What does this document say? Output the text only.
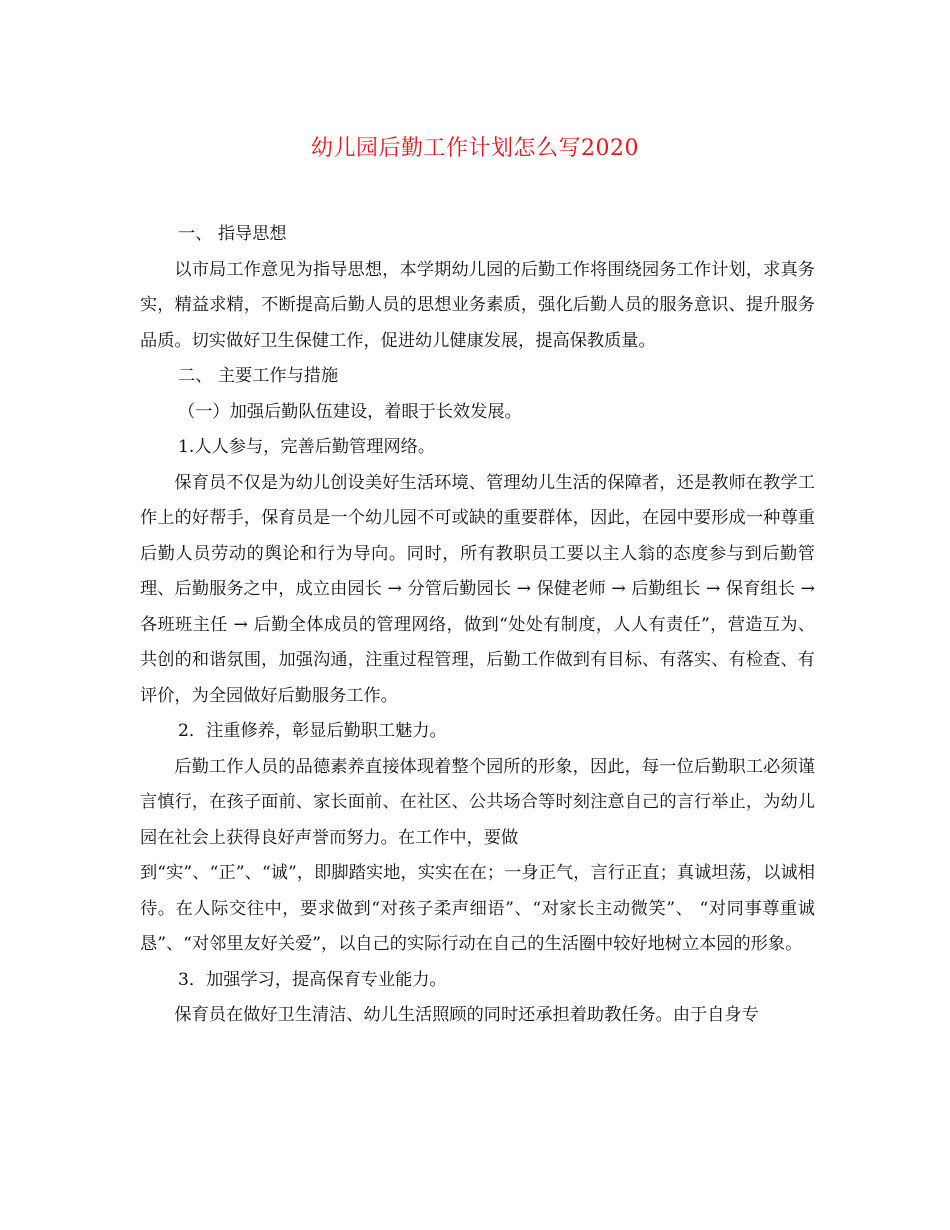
幼儿园后勤工作计划怎么写2020

一、 指导思想

以市局工作意见为指导思想，本学期幼儿园的后勤工作将围绕园务工作计划，求真务实，精益求精，不断提高后勤人员的思想业务素质，强化后勤人员的服务意识、提升服务品质。切实做好卫生保健工作，促进幼儿健康发展，提高保教质量。

二、 主要工作与措施

（一）加强后勤队伍建设，着眼于长效发展。

1.人人参与，完善后勤管理网络。

保育员不仅是为幼儿创设美好生活环境、管理幼儿生活的保障者，还是教师在教学工作上的好帮手，保育员是一个幼儿园不可或缺的重要群体，因此，在园中要形成一种尊重后勤人员劳动的舆论和行为导向。同时，所有教职员工要以主人翁的态度参与到后勤管理、后勤服务之中，成立由园长 → 分管后勤园长 → 保健老师 → 后勤组长 → 保育组长 → 各班班主任 → 后勤全体成员的管理网络，做到“处处有制度，人人有责任”，营造互为、共创的和谐氛围，加强沟通，注重过程管理，后勤工作做到有目标、有落实、有检查、有评价，为全园做好后勤服务工作。

2．注重修养，彰显后勤职工魅力。

后勤工作人员的品德素养直接体现着整个园所的形象，因此，每一位后勤职工必须谨言慎行，在孩子面前、家长面前、在社区、公共场合等时刻注意自己的言行举止，为幼儿园在社会上获得良好声誉而努力。在工作中，要做

到“实”、“正”、“诚”，即脚踏实地，实实在在；一身正气，言行正直；真诚坦荡，以诚相待。在人际交往中，要求做到“对孩子柔声细语”、“对家长主动微笑”、 “对同事尊重诚恳”、“对邻里友好关爱”，以自己的实际行动在自己的生活圈中较好地树立本园的形象。

3．加强学习，提高保育专业能力。

保育员在做好卫生清洁、幼儿生活照顾的同时还承担着助教任务。由于自身专
